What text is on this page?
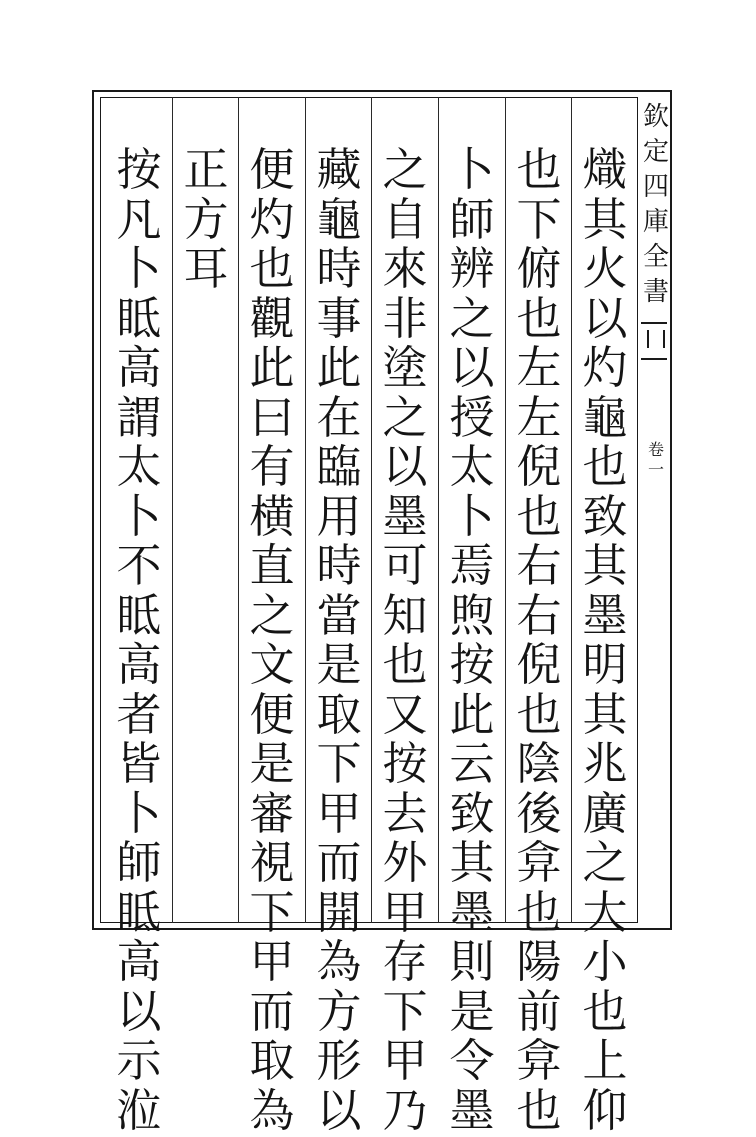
欽定四庫全書
卷一
熾其火以灼龜也致其墨明其兆廣之大小也上仰
也下俯也左左倪也右右倪也陰後弇也陽前弇也
卜師辨之以授太卜焉煦按此云致其墨則是令墨
之自來非塗之以墨可知也又按去外甲存下甲乃
藏龜時事此在臨用時當是取下甲而開為方形以
便灼也觀此曰有横直之文便是審視下甲而取為
正方耳
按凡卜眡高謂太卜不眡高者皆卜師眡高以示涖
